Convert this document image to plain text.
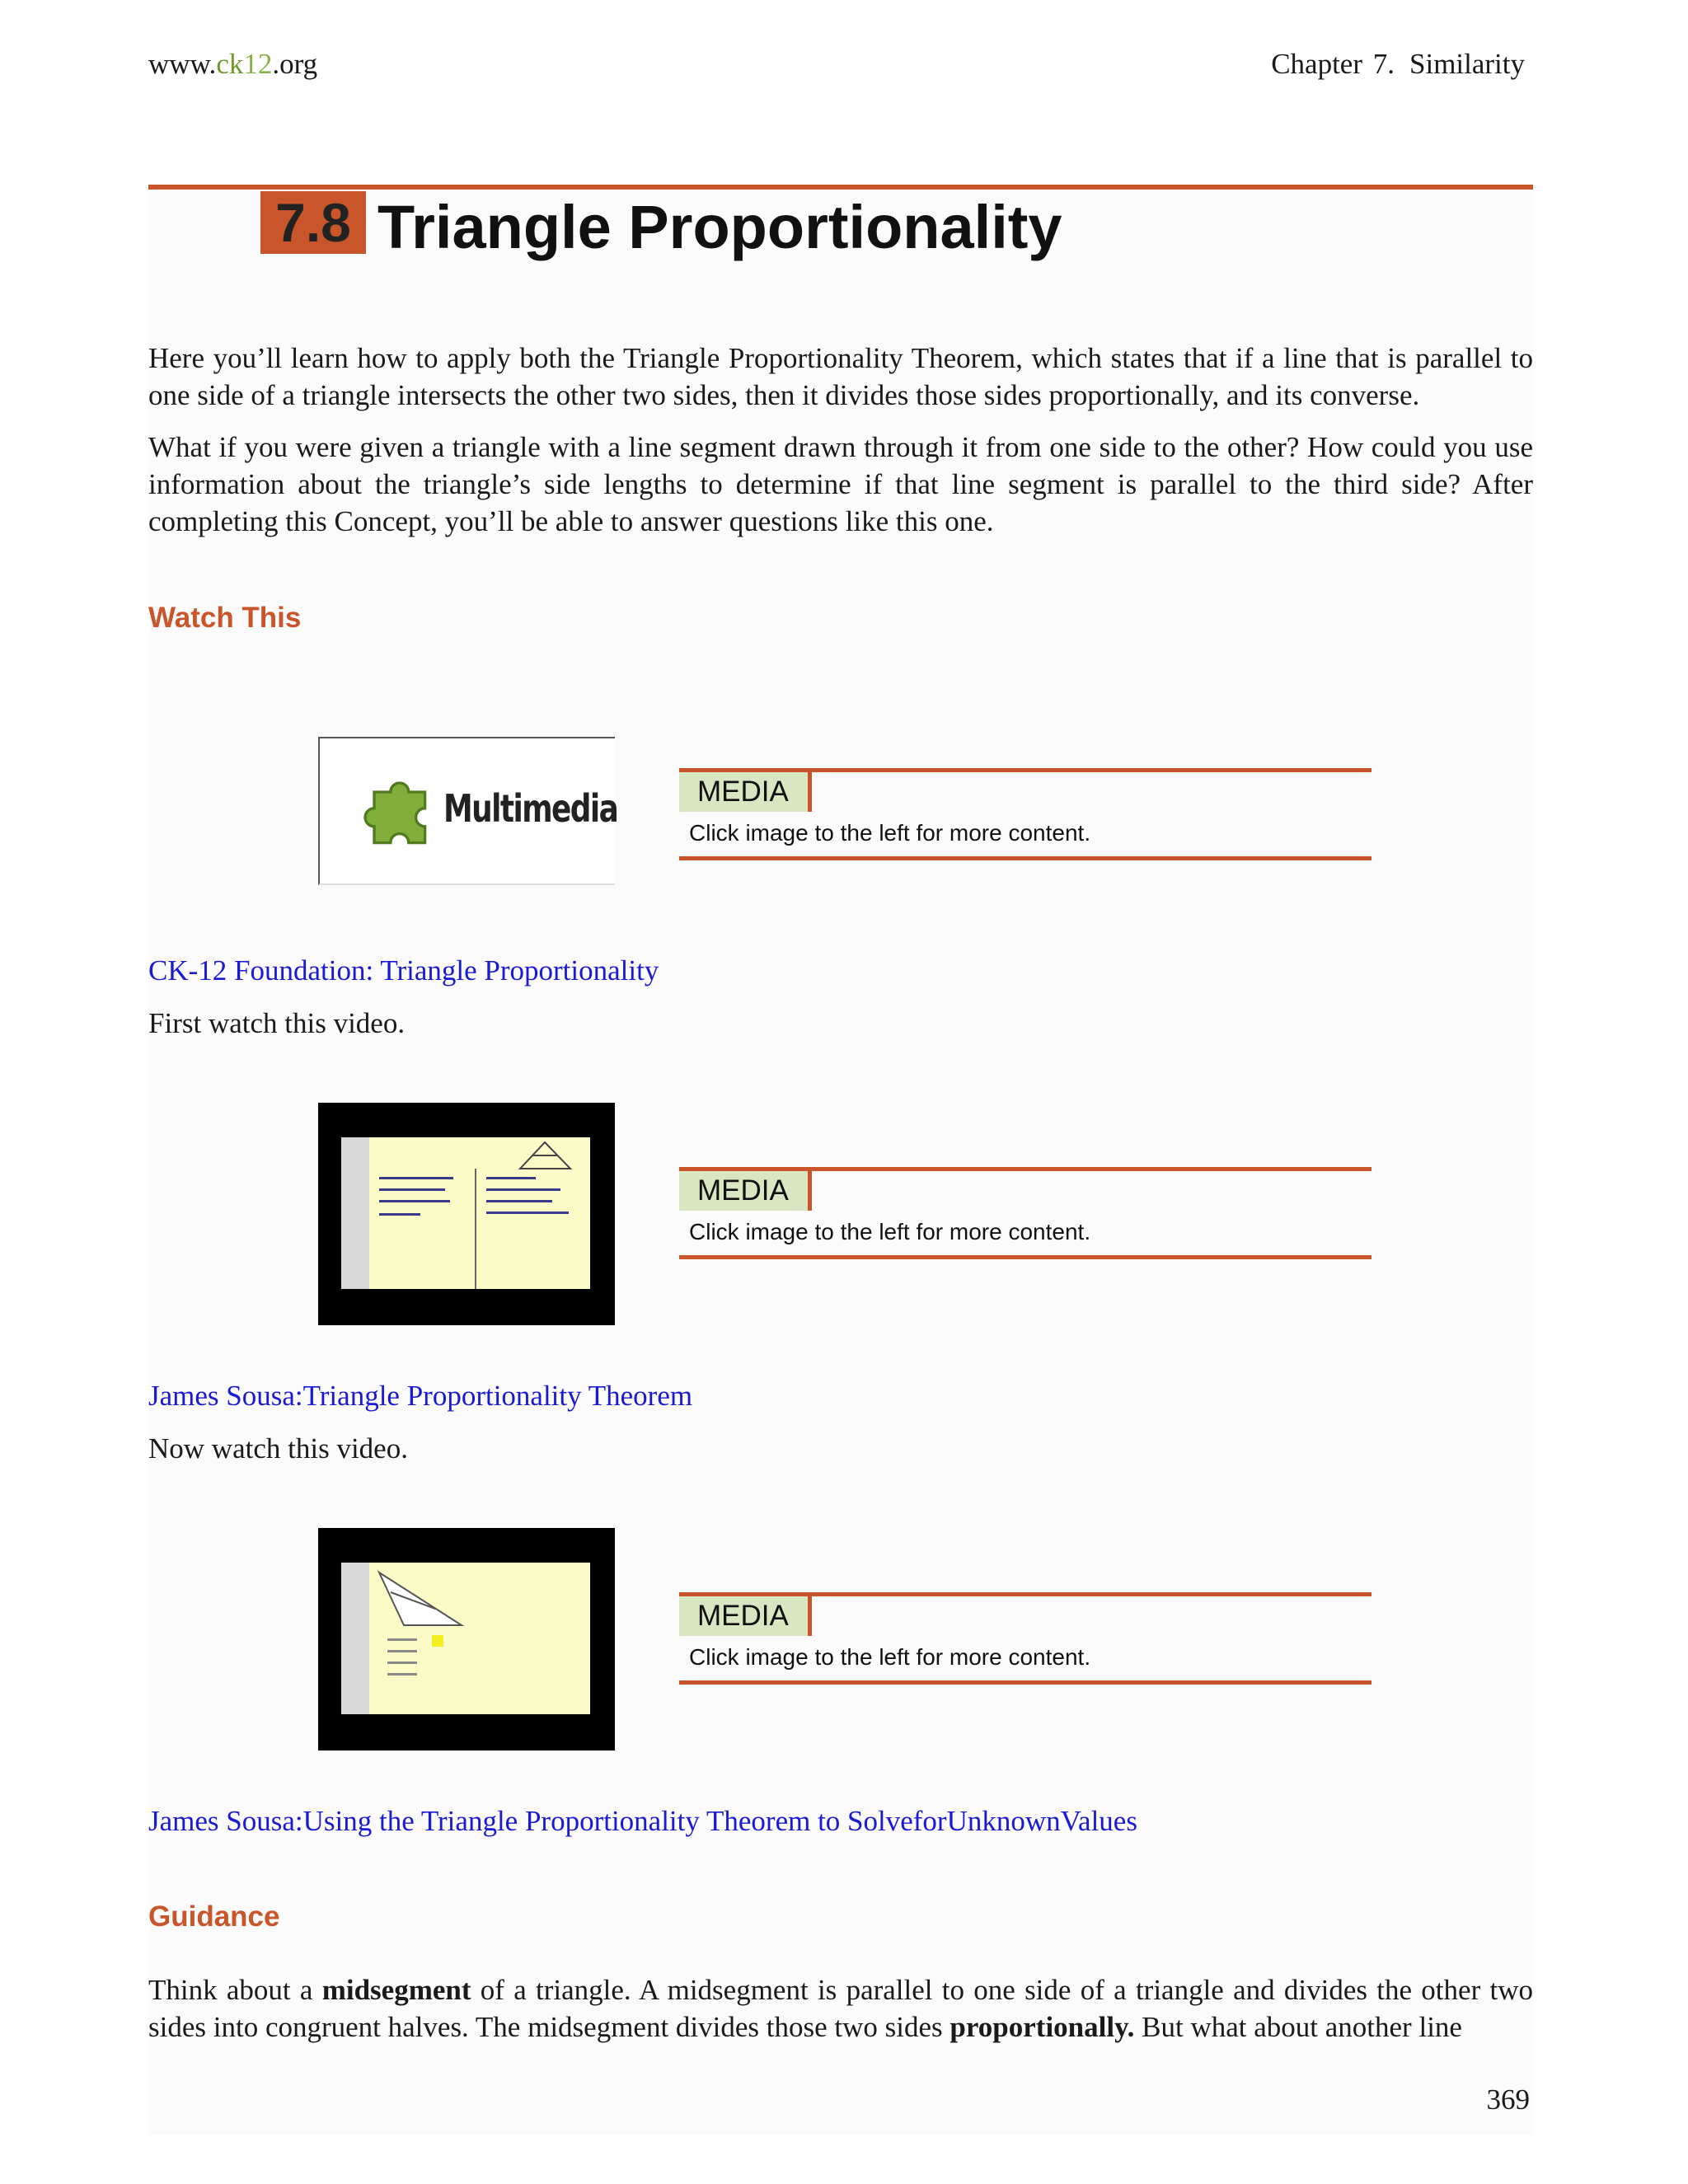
www.ck12.org	Chapter 7. Similarity
7.8 Triangle Proportionality
Here you’ll learn how to apply both the Triangle Proportionality Theorem, which states that if a line that is parallel to one side of a triangle intersects the other two sides, then it divides those sides proportionally, and its converse.
What if you were given a triangle with a line segment drawn through it from one side to the other? How could you use information about the triangle’s side lengths to determine if that line segment is parallel to the third side? After completing this Concept, you’ll be able to answer questions like this one.
Watch This
Multimedia	MEDIA
Click image to the left for more content.
CK-12 Foundation: Triangle Proportionality
First watch this video.
MEDIA
Click image to the left for more content.
James Sousa:Triangle Proportionality Theorem
Now watch this video.
MEDIA
Click image to the left for more content.
James Sousa:Using the Triangle Proportionality Theorem to SolveforUnknownValues
Guidance
Think about a midsegment of a triangle. A midsegment is parallel to one side of a triangle and divides the other two sides into congruent halves. The midsegment divides those two sides proportionally. But what about another line
369
